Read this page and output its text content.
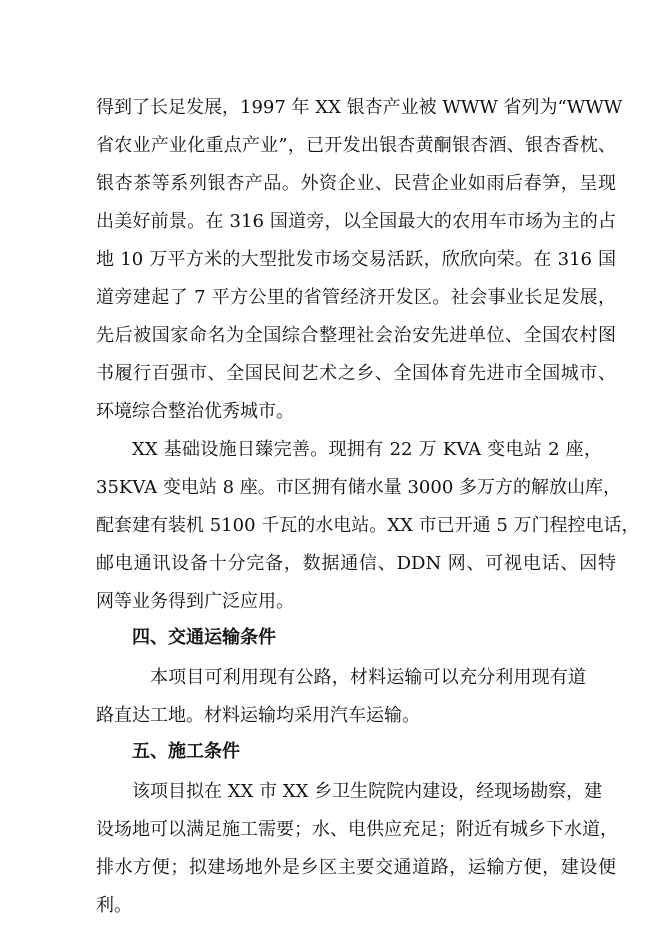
得到了长足发展，1997 年 XX 银杏产业被 WWW 省列为“WWW
省农业产业化重点产业”，已开发出银杏黄酮银杏酒、银杏香枕、
银杏茶等系列银杏产品。外资企业、民营企业如雨后春笋，呈现
出美好前景。在 316 国道旁，以全国最大的农用车市场为主的占
地 10 万平方米的大型批发市场交易活跃，欣欣向荣。在 316 国
道旁建起了 7 平方公里的省管经济开发区。社会事业长足发展，
先后被国家命名为全国综合整理社会治安先进单位、全国农村图
书履行百强市、全国民间艺术之乡、全国体育先进市全国城市、
环境综合整治优秀城市。
XX 基础设施日臻完善。现拥有 22 万 KVA 变电站 2 座，
35KVA 变电站 8 座。市区拥有储水量 3000 多万方的解放山库，
配套建有装机 5100 千瓦的水电站。XX 市已开通 5 万门程控电话，
邮电通讯设备十分完备，数据通信、DDN 网、可视电话、因特
网等业务得到广泛应用。
四、交通运输条件
本项目可利用现有公路，材料运输可以充分利用现有道
路直达工地。材料运输均采用汽车运输。
五、施工条件
该项目拟在 XX 市 XX 乡卫生院院内建设，经现场勘察，建
设场地可以满足施工需要；水、电供应充足；附近有城乡下水道，
排水方便；拟建场地外是乡区主要交通道路，运输方便，建设便
利。
